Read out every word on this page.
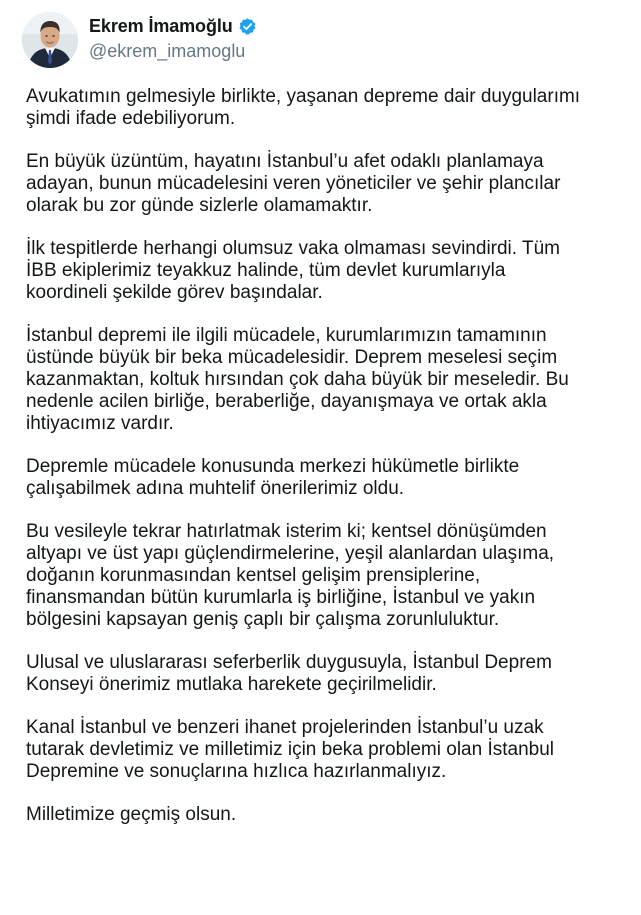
Ekrem İmamoğlu
@ekrem_imamoglu

Avukatımın gelmesiyle birlikte, yaşanan depreme dair duygularımı
şimdi ifade edebiliyorum.

En büyük üzüntüm, hayatını İstanbul’u afet odaklı planlamaya
adayan, bunun mücadelesini veren yöneticiler ve şehir plancılar
olarak bu zor günde sizlerle olamamaktır.

İlk tespitlerde herhangi olumsuz vaka olmaması sevindirdi. Tüm
İBB ekiplerimiz teyakkuz halinde, tüm devlet kurumlarıyla
koordineli şekilde görev başındalar.

İstanbul depremi ile ilgili mücadele, kurumlarımızın tamamının
üstünde büyük bir beka mücadelesidir. Deprem meselesi seçim
kazanmaktan, koltuk hırsından çok daha büyük bir meseledir. Bu
nedenle acilen birliğe, beraberliğe, dayanışmaya ve ortak akla
ihtiyacımız vardır.

Depremle mücadele konusunda merkezi hükümetle birlikte
çalışabilmek adına muhtelif önerilerimiz oldu.

Bu vesileyle tekrar hatırlatmak isterim ki; kentsel dönüşümden
altyapı ve üst yapı güçlendirmelerine, yeşil alanlardan ulaşıma,
doğanın korunmasından kentsel gelişim prensiplerine,
finansmandan bütün kurumlarla iş birliğine, İstanbul ve yakın
bölgesini kapsayan geniş çaplı bir çalışma zorunluluktur.

Ulusal ve uluslararası seferberlik duygusuyla, İstanbul Deprem
Konseyi önerimiz mutlaka harekete geçirilmelidir.

Kanal İstanbul ve benzeri ihanet projelerinden İstanbul’u uzak
tutarak devletimiz ve milletimiz için beka problemi olan İstanbul
Depremine ve sonuçlarına hızlıca hazırlanmalıyız.

Milletimize geçmiş olsun.
